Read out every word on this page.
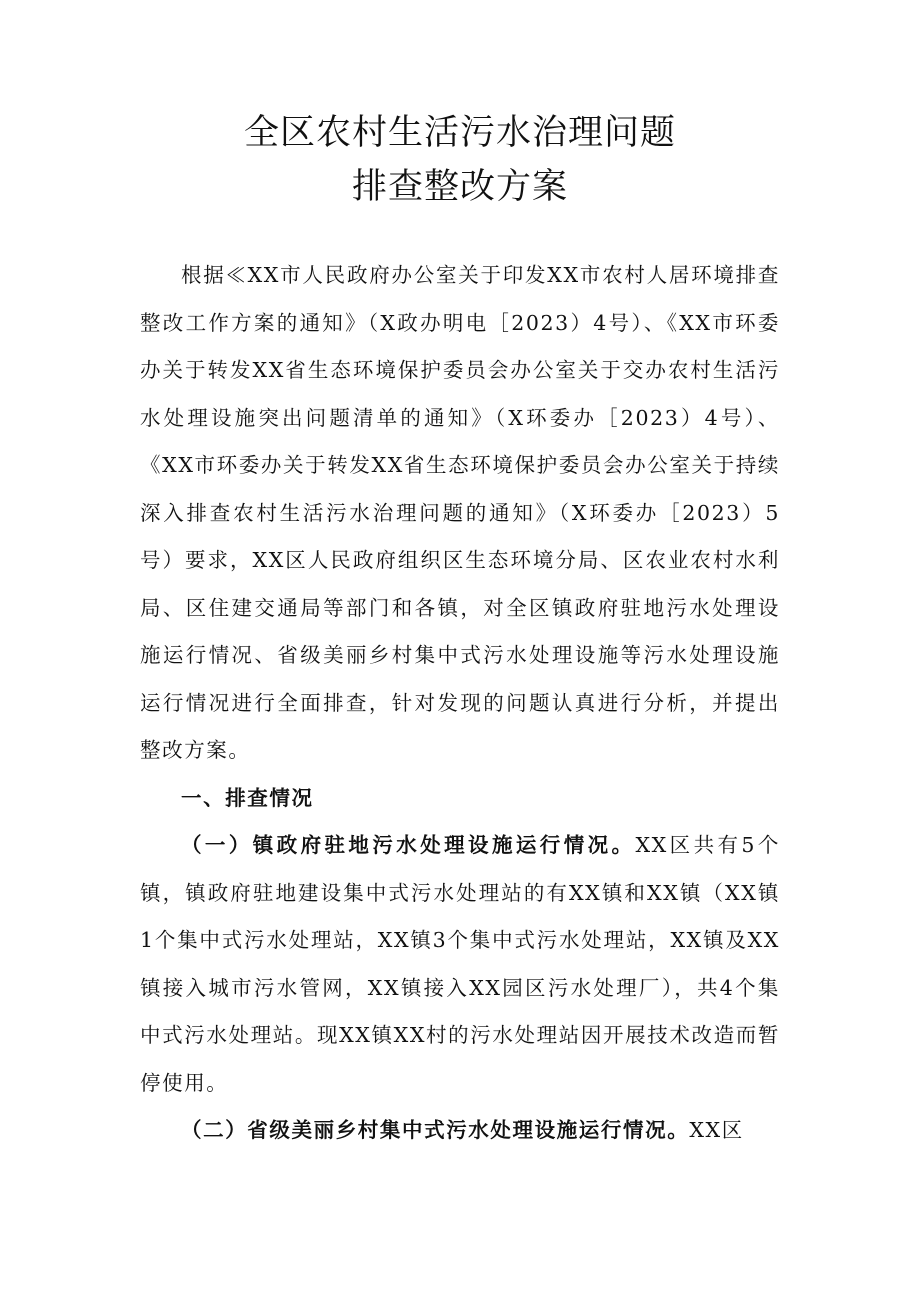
全区农村生活污水治理问题
排查整改方案

根据≪XX市人民政府办公室关于印发XX市农村人居环境排查整改工作方案的通知》（X政办明电［2023）4号）、《XX市环委办关于转发XX省生态环境保护委员会办公室关于交办农村生活污水处理设施突出问题清单的通知》（X环委办［2023）4号）、《XX市环委办关于转发XX省生态环境保护委员会办公室关于持续深入排查农村生活污水治理问题的通知》（X环委办［2023）5号）要求，XX区人民政府组织区生态环境分局、区农业农村水利局、区住建交通局等部门和各镇，对全区镇政府驻地污水处理设施运行情况、省级美丽乡村集中式污水处理设施等污水处理设施运行情况进行全面排查，针对发现的问题认真进行分析，并提出整改方案。

一、排查情况

（一）镇政府驻地污水处理设施运行情况。XX区共有5个镇，镇政府驻地建设集中式污水处理站的有XX镇和XX镇（XX镇1个集中式污水处理站，XX镇3个集中式污水处理站，XX镇及XX镇接入城市污水管网，XX镇接入XX园区污水处理厂），共4个集中式污水处理站。现XX镇XX村的污水处理站因开展技术改造而暂停使用。

（二）省级美丽乡村集中式污水处理设施运行情况。XX区
